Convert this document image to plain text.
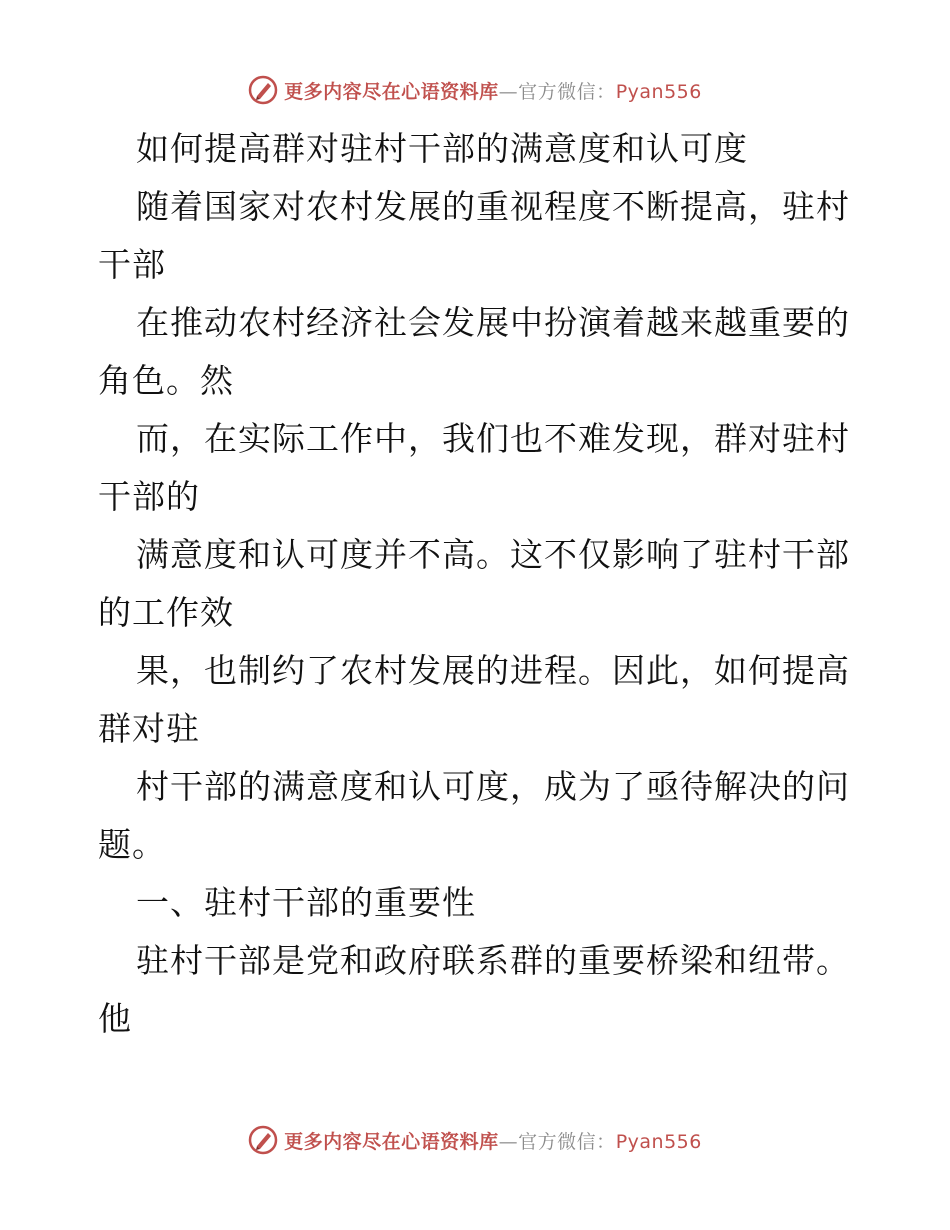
更多内容尽在心语资料库—官方微信：Pyan556
如何提高群对驻村干部的满意度和认可度
随着国家对农村发展的重视程度不断提高，驻村
干部
在推动农村经济社会发展中扮演着越来越重要的
角色。然
而，在实际工作中，我们也不难发现，群对驻村
干部的
满意度和认可度并不高。这不仅影响了驻村干部
的工作效
果，也制约了农村发展的进程。因此，如何提高
群对驻
村干部的满意度和认可度，成为了亟待解决的问
题。
一、驻村干部的重要性
驻村干部是党和政府联系群的重要桥梁和纽带。
他
更多内容尽在心语资料库—官方微信：Pyan556
